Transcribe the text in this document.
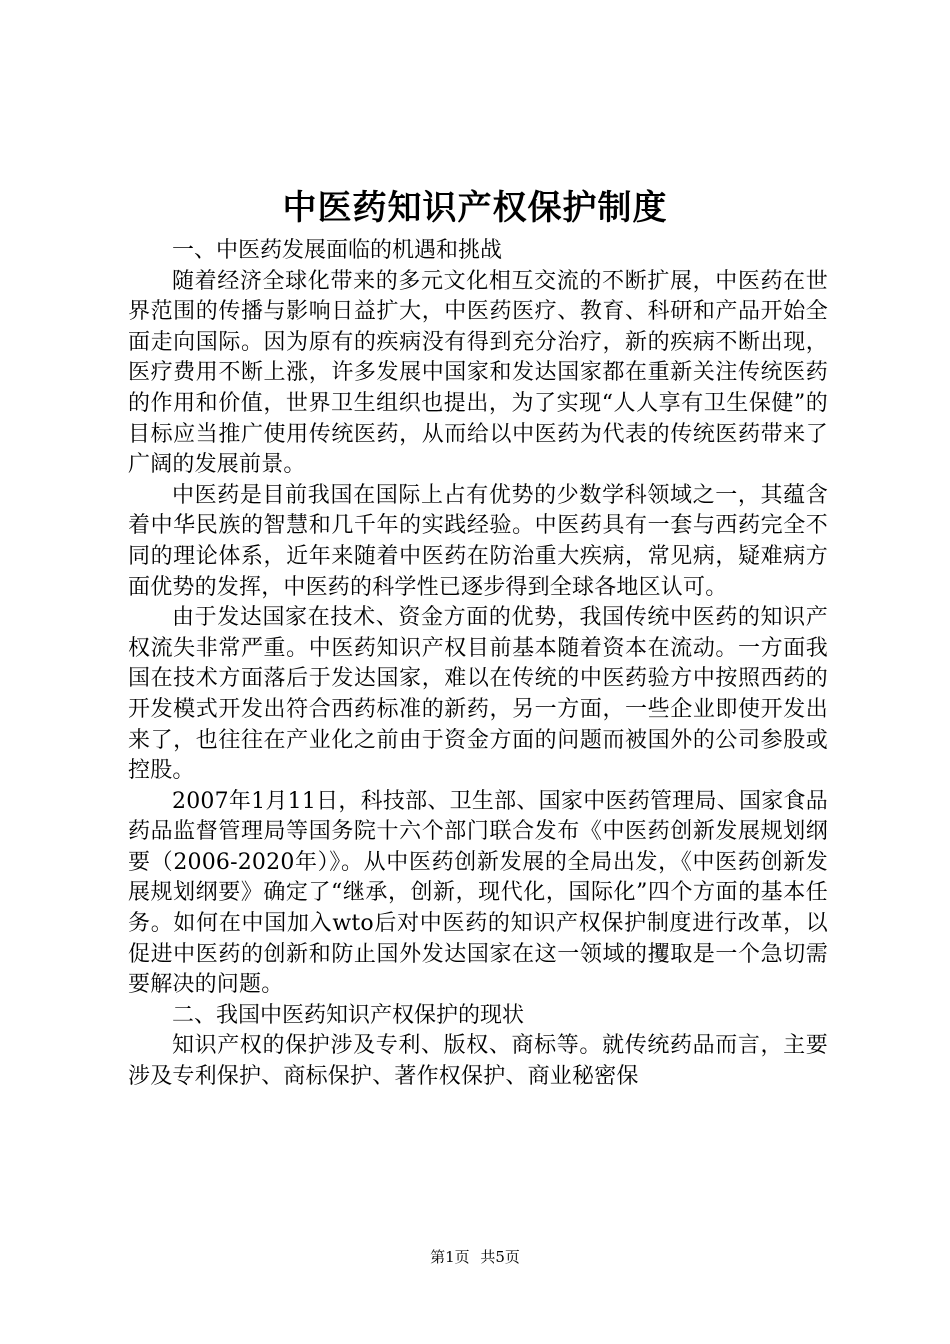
中医药知识产权保护制度

一、中医药发展面临的机遇和挑战

随着经济全球化带来的多元文化相互交流的不断扩展，中医药在世界范围的传播与影响日益扩大，中医药医疗、教育、科研和产品开始全面走向国际。因为原有的疾病没有得到充分治疗，新的疾病不断出现，医疗费用不断上涨，许多发展中国家和发达国家都在重新关注传统医药的作用和价值，世界卫生组织也提出，为了实现“人人享有卫生保健”的目标应当推广使用传统医药，从而给以中医药为代表的传统医药带来了广阔的发展前景。

中医药是目前我国在国际上占有优势的少数学科领域之一，其蕴含着中华民族的智慧和几千年的实践经验。中医药具有一套与西药完全不同的理论体系，近年来随着中医药在防治重大疾病，常见病，疑难病方面优势的发挥，中医药的科学性已逐步得到全球各地区认可。

由于发达国家在技术、资金方面的优势，我国传统中医药的知识产权流失非常严重。中医药知识产权目前基本随着资本在流动。一方面我国在技术方面落后于发达国家，难以在传统的中医药验方中按照西药的开发模式开发出符合西药标准的新药，另一方面，一些企业即使开发出来了，也往往在产业化之前由于资金方面的问题而被国外的公司参股或控股。

2007年1月11日，科技部、卫生部、国家中医药管理局、国家食品药品监督管理局等国务院十六个部门联合发布《中医药创新发展规划纲要（2006-2020年）》。从中医药创新发展的全局出发，《中医药创新发展规划纲要》确定了“继承，创新，现代化，国际化”四个方面的基本任务。如何在中国加入wto后对中医药的知识产权保护制度进行改革，以促进中医药的创新和防止国外发达国家在这一领域的攫取是一个急切需要解决的问题。

二、我国中医药知识产权保护的现状

知识产权的保护涉及专利、版权、商标等。就传统药品而言，主要涉及专利保护、商标保护、著作权保护、商业秘密保

第1页 共5页
